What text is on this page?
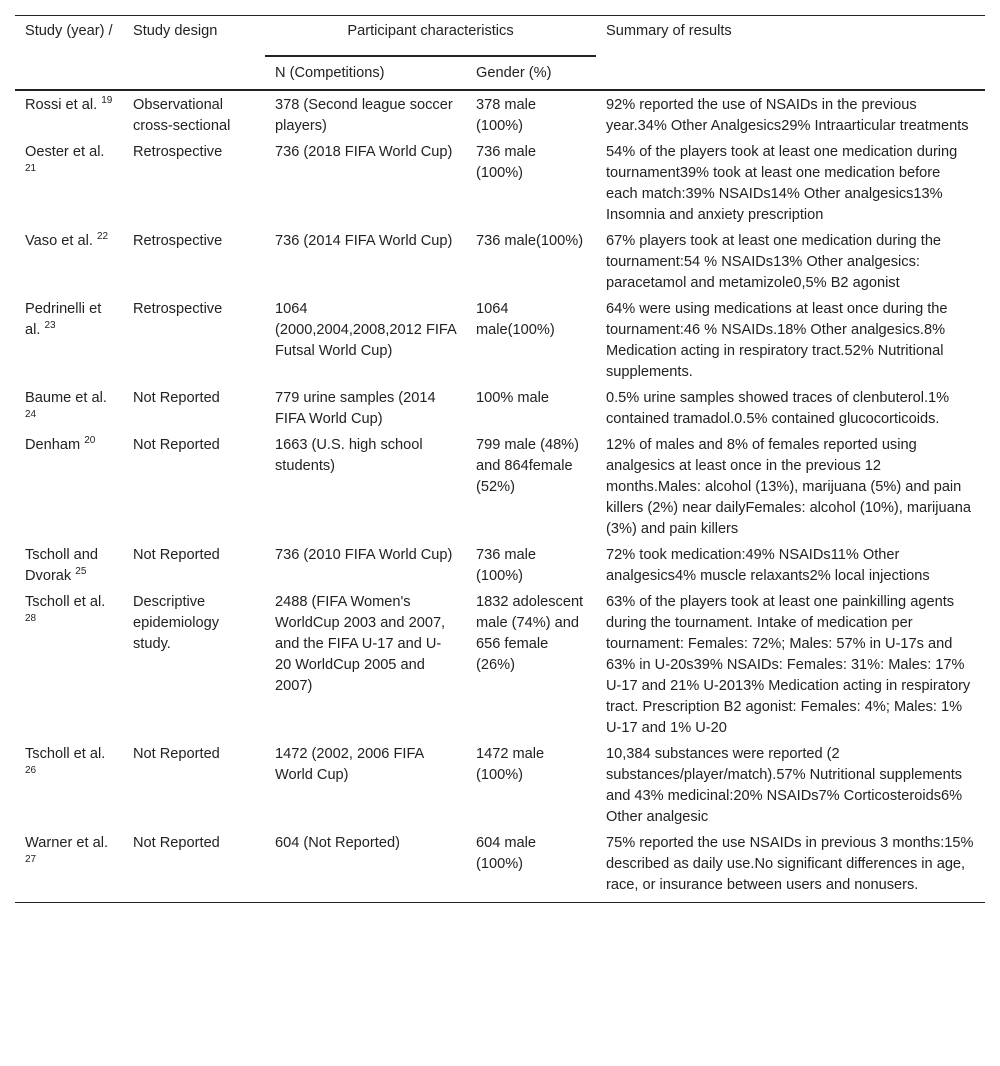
Study (year) /	Study design	Participant characteristics		Summary of results
		N (Competitions)	Gender (%)	
Rossi et al. $^{19}$	Observational cross-sectional	378 (Second league soccer players)	378 male (100%)	92% reported the use of NSAIDs in the previous year.34% Other Analgesics29% Intraarticular treatments
Oester et al. $^{21}$	Retrospective	736 (2018 FIFA World Cup)	736 male (100%)	54% of the players took at least one medication during tournament39% took at least one medication before each match:39% NSAIDs14% Other analgesics13% Insomnia and anxiety prescription
Vaso et al. $^{22}$	Retrospective	736 (2014 FIFA World Cup)	736 male(100%)	67% players took at least one medication during the tournament:54 % NSAIDs13% Other analgesics: paracetamol and metamizole0,5% B2 agonist
Pedrinelli et al. $^{23}$	Retrospective	1064 (2000,2004,2008,2012 FIFA Futsal World Cup)	1064 male(100%)	64% were using medications at least once during the tournament:46 % NSAIDs.18% Other analgesics.8% Medication acting in respiratory tract.52% Nutritional supplements.
Baume et al. $^{24}$	Not Reported	779 urine samples (2014 FIFA World Cup)	100% male	0.5% urine samples showed traces of clenbuterol.1% contained tramadol.0.5% contained glucocorticoids.
Denham $^{20}$	Not Reported	1663 (U.S. high school students)	799 male (48%) and 864female (52%)	12% of males and 8% of females reported using analgesics at least once in the previous 12 months.Males: alcohol (13%), marijuana (5%) and pain killers (2%) near dailyFemales: alcohol (10%), marijuana (3%) and pain killers
Tscholl and Dvorak $^{25}$	Not Reported	736 (2010 FIFA World Cup)	736 male (100%)	72% took medication:49% NSAIDs11% Other analgesics4% muscle relaxants2% local injections
Tscholl et al. $^{28}$	Descriptive epidemiology study.	2488 (FIFA Women's WorldCup 2003 and 2007, and the FIFA U-17 and U-20 WorldCup 2005 and 2007)	1832 adolescent male (74%) and 656 female (26%)	63% of the players took at least one painkilling agents during the tournament. Intake of medication per tournament: Females: 72%; Males: 57% in U-17s and 63% in U-20s39% NSAIDs: Females: 31%: Males: 17% U-17 and 21% U-2013% Medication acting in respiratory tract. Prescription B2 agonist: Females: 4%; Males: 1% U-17 and 1% U-20
Tscholl et al. $^{26}$	Not Reported	1472 (2002, 2006 FIFA World Cup)	1472 male (100%)	10,384 substances were reported (2 substances/player/match).57% Nutritional supplements and 43% medicinal:20% NSAIDs7% Corticosteroids6% Other analgesic
Warner et al. $^{27}$	Not Reported	604 (Not Reported)	604 male (100%)	75% reported the use NSAIDs in previous 3 months:15% described as daily use.No significant differences in age, race, or insurance between users and nonusers.
